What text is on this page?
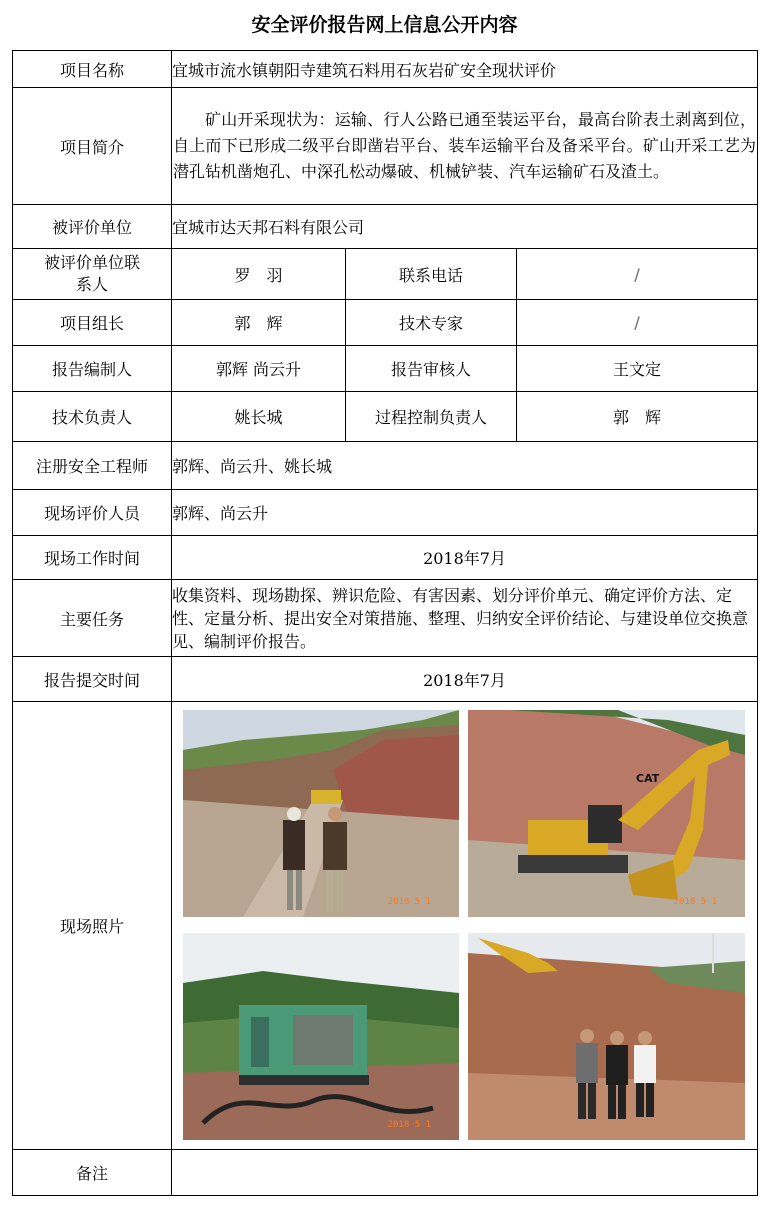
安全评价报告网上信息公开内容
项目名称	宜城市流水镇朝阳寺建筑石料用石灰岩矿安全现状评价		
项目简介	矿山开采现状为：运输、行人公路已通至装运平台，最高台阶表土剥离到位，自上而下已形成二级平台即凿岩平台、装车运输平台及备采平台。矿山开采工艺为潜孔钻机凿炮孔、中深孔松动爆破、机械铲装、汽车运输矿石及渣土。		

被评价单位	宜城市达天邦石料有限公司		
被评价单位联系人	罗　羽	联系电话	/
项目组长	郭　辉	技术专家	/
报告编制人	郭辉 尚云升	报告审核人	王文定
技术负责人	姚长城	过程控制负责人	郭　辉
注册安全工程师	郭辉、尚云升、姚长城		
现场评价人员	郭辉、尚云升		
现场工作时间	2018年7月		
主要任务	收集资料、现场勘探、辨识危险、有害因素、划分评价单元、确定评价方法、定性、定量分析、提出安全对策措施、整理、归纳安全评价结论、与建设单位交换意见、编制评价报告。		

报告提交时间	2018年7月		
现场照片	2018 5 1
CAT
2018 5 1
2018 5 1		

备注			
